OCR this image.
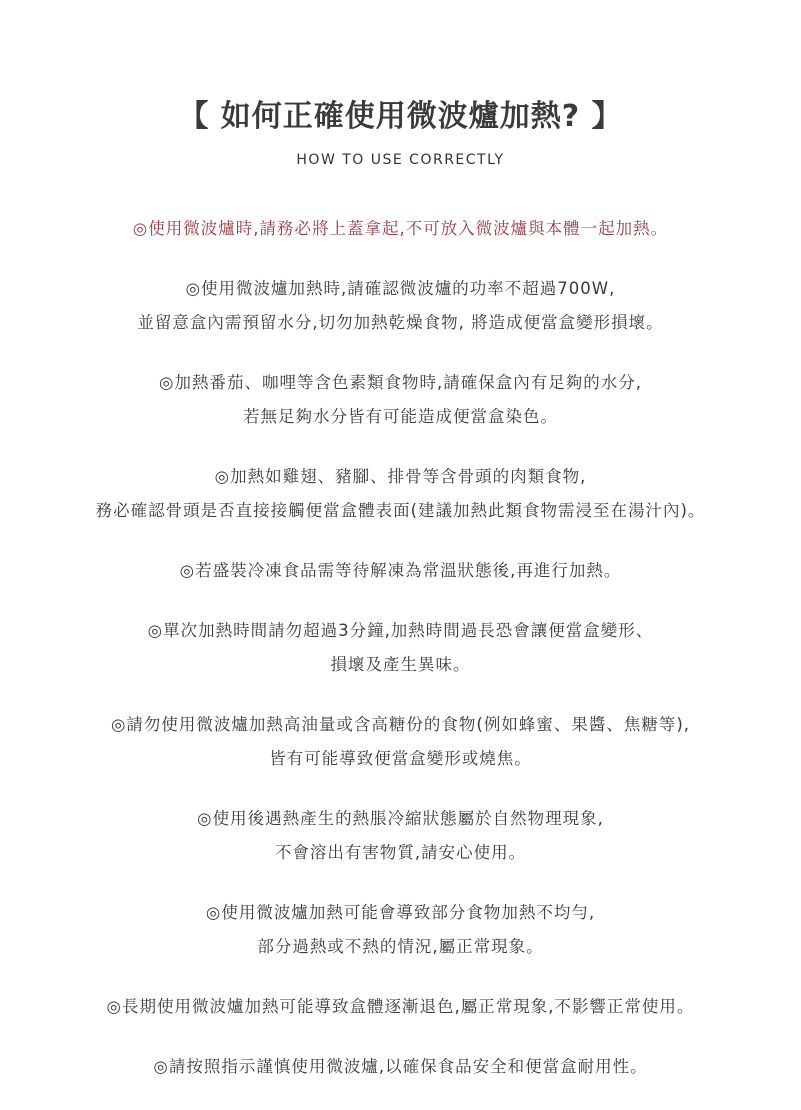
【 如何正確使用微波爐加熱? 】

HOW TO USE CORRECTLY

◎使用微波爐時,請務必將上蓋拿起,不可放入微波爐與本體一起加熱。
◎使用微波爐加熱時,請確認微波爐的功率不超過700W,
並留意盒內需預留水分,切勿加熱乾燥食物, 將造成便當盒變形損壞。
◎加熱番茄、咖哩等含色素類食物時,請確保盒內有足夠的水分,
若無足夠水分皆有可能造成便當盒染色。
◎加熱如雞翅、豬腳、排骨等含骨頭的肉類食物,
務必確認骨頭是否直接接觸便當盒體表面(建議加熱此類食物需浸至在湯汁內)。
◎若盛裝冷凍食品需等待解凍為常溫狀態後,再進行加熱。
◎單次加熱時間請勿超過3分鐘,加熱時間過長恐會讓便當盒變形、
損壞及產生異味。
◎請勿使用微波爐加熱高油量或含高糖份的食物(例如蜂蜜、果醬、焦糖等),
皆有可能導致便當盒變形或燒焦。
◎使用後遇熱產生的熱脹冷縮狀態屬於自然物理現象,
不會溶出有害物質,請安心使用。
◎使用微波爐加熱可能會導致部分食物加熱不均勻,
部分過熱或不熱的情況,屬正常現象。
◎長期使用微波爐加熱可能導致盒體逐漸退色,屬正常現象,不影響正常使用。
◎請按照指示謹慎使用微波爐,以確保食品安全和便當盒耐用性。
